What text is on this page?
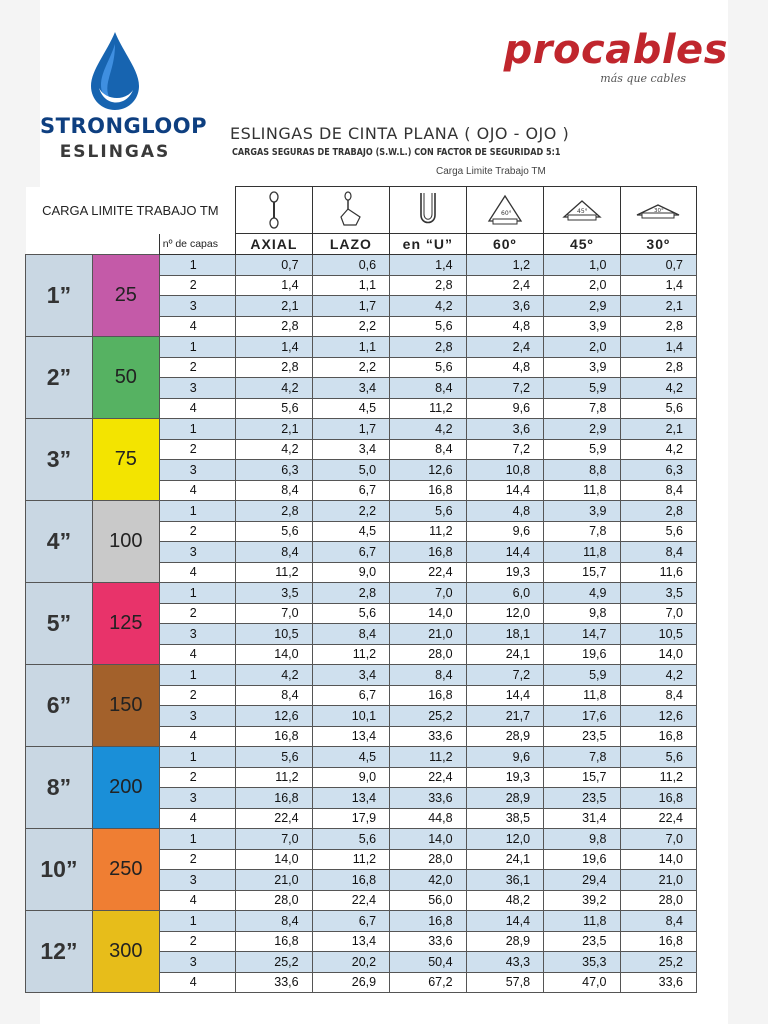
STRONGLOOP
ESLINGAS
procables
más que cables
ESLINGAS DE CINTA PLANA ( OJO - OJO )
CARGAS SEGURAS DE TRABAJO (S.W.L.) CON FACTOR DE SEGURIDAD 5:1
Carga Limite Trabajo TM
CARGA LIMITE TRABAJO TM						60°	45°	30°

		nº de capas	AXIAL	LAZO	en “U”	60º	45º	30º
1”	25	1	0,7	0,6	1,4	1,2	1,0	0,7
		2	1,4	1,1	2,8	2,4	2,0	1,4
		3	2,1	1,7	4,2	3,6	2,9	2,1
		4	2,8	2,2	5,6	4,8	3,9	2,8
2”	50	1	1,4	1,1	2,8	2,4	2,0	1,4
		2	2,8	2,2	5,6	4,8	3,9	2,8
		3	4,2	3,4	8,4	7,2	5,9	4,2
		4	5,6	4,5	11,2	9,6	7,8	5,6
3”	75	1	2,1	1,7	4,2	3,6	2,9	2,1
		2	4,2	3,4	8,4	7,2	5,9	4,2
		3	6,3	5,0	12,6	10,8	8,8	6,3
		4	8,4	6,7	16,8	14,4	11,8	8,4
4”	100	1	2,8	2,2	5,6	4,8	3,9	2,8
		2	5,6	4,5	11,2	9,6	7,8	5,6
		3	8,4	6,7	16,8	14,4	11,8	8,4
		4	11,2	9,0	22,4	19,3	15,7	11,6
5”	125	1	3,5	2,8	7,0	6,0	4,9	3,5
		2	7,0	5,6	14,0	12,0	9,8	7,0
		3	10,5	8,4	21,0	18,1	14,7	10,5
		4	14,0	11,2	28,0	24,1	19,6	14,0
6”	150	1	4,2	3,4	8,4	7,2	5,9	4,2
		2	8,4	6,7	16,8	14,4	11,8	8,4
		3	12,6	10,1	25,2	21,7	17,6	12,6
		4	16,8	13,4	33,6	28,9	23,5	16,8
8”	200	1	5,6	4,5	11,2	9,6	7,8	5,6
		2	11,2	9,0	22,4	19,3	15,7	11,2
		3	16,8	13,4	33,6	28,9	23,5	16,8
		4	22,4	17,9	44,8	38,5	31,4	22,4
10”	250	1	7,0	5,6	14,0	12,0	9,8	7,0
		2	14,0	11,2	28,0	24,1	19,6	14,0
		3	21,0	16,8	42,0	36,1	29,4	21,0
		4	28,0	22,4	56,0	48,2	39,2	28,0
12”	300	1	8,4	6,7	16,8	14,4	11,8	8,4
		2	16,8	13,4	33,6	28,9	23,5	16,8
		3	25,2	20,2	50,4	43,3	35,3	25,2
		4	33,6	26,9	67,2	57,8	47,0	33,6
